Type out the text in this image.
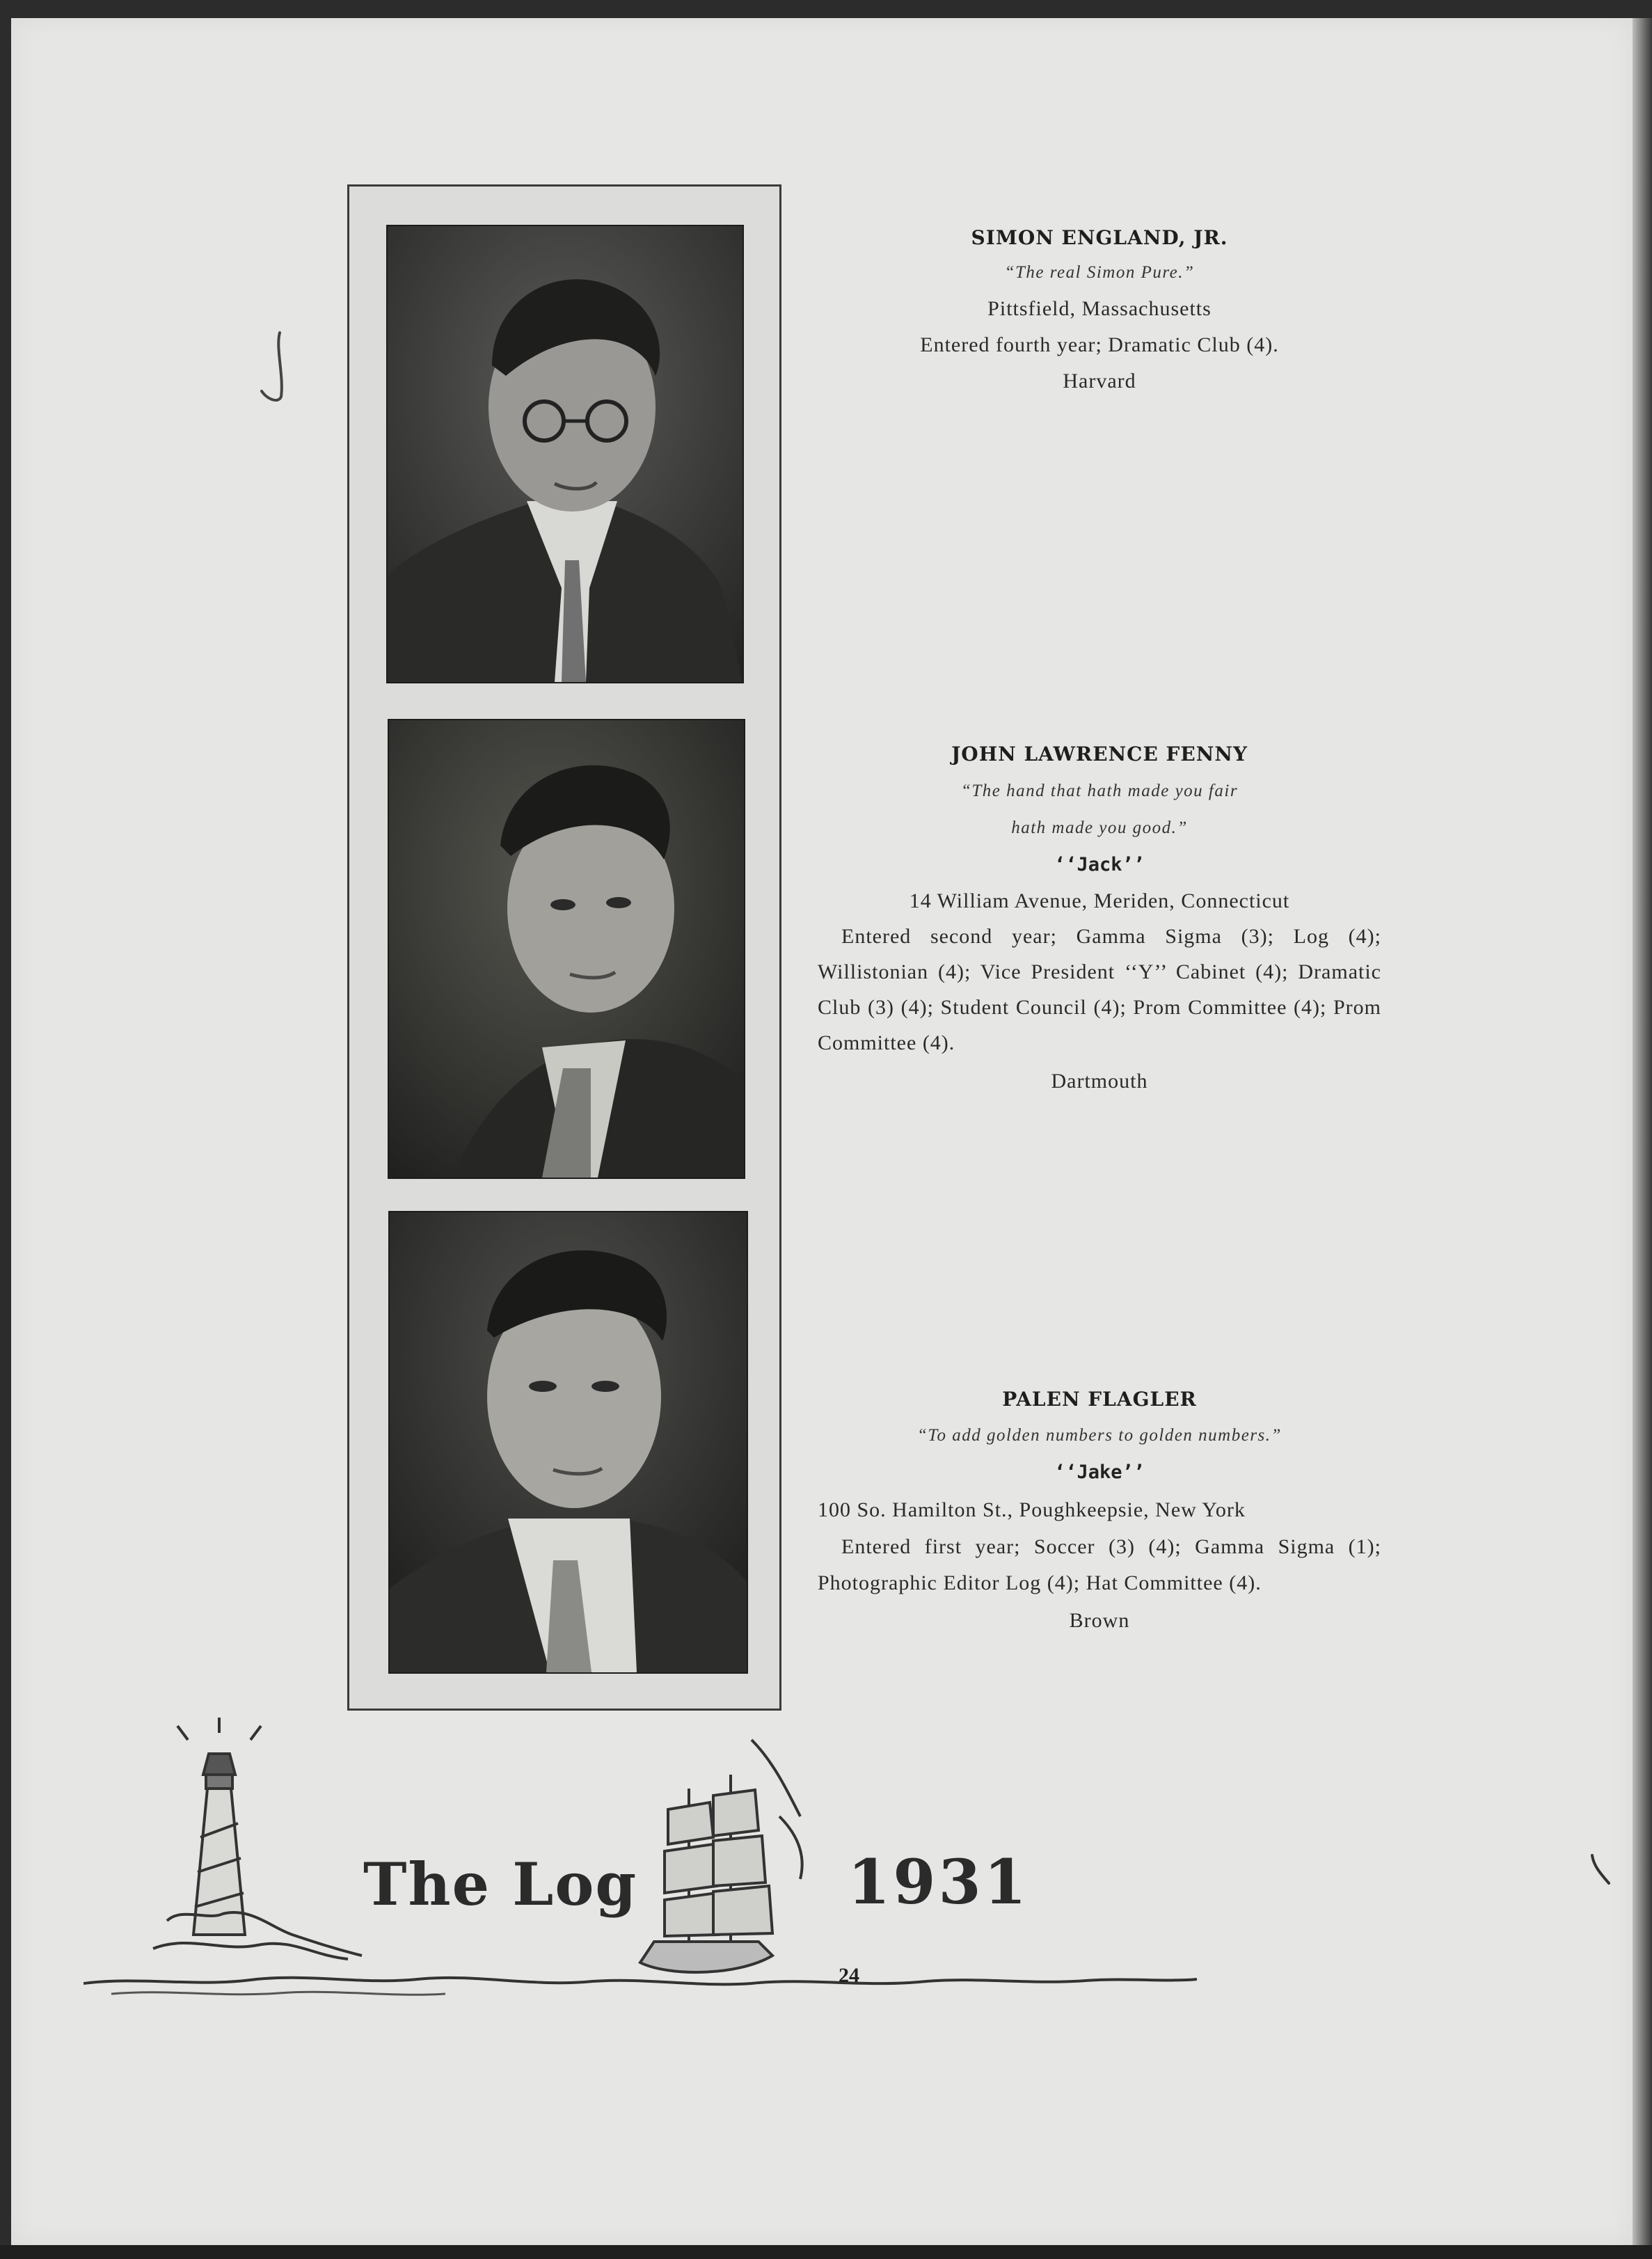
SIMON ENGLAND, JR.
“The real Simon Pure.”
Pittsfield, Massachusetts
Entered fourth year; Dramatic Club (4).
Harvard
JOHN LAWRENCE FENNY
“The hand that hath made you fair
hath made you good.”
‘‘Jack’’
14 William Avenue, Meriden, Connecticut
Entered second year; Gamma Sigma (3); Log (4); Willistonian (4); Vice President ‘‘Y’’ Cabinet (4); Dramatic Club (3) (4); Student Council (4); Prom Committee (4); Prom Committee (4).
Dartmouth
PALEN FLAGLER
“To add golden numbers to golden numbers.”
‘‘Jake’’
100 So. Hamilton St., Poughkeepsie, New York
Entered first year; Soccer (3) (4); Gamma Sigma (1); Photographic Editor Log (4); Hat Committee (4).
Brown
The Log	1931
24
